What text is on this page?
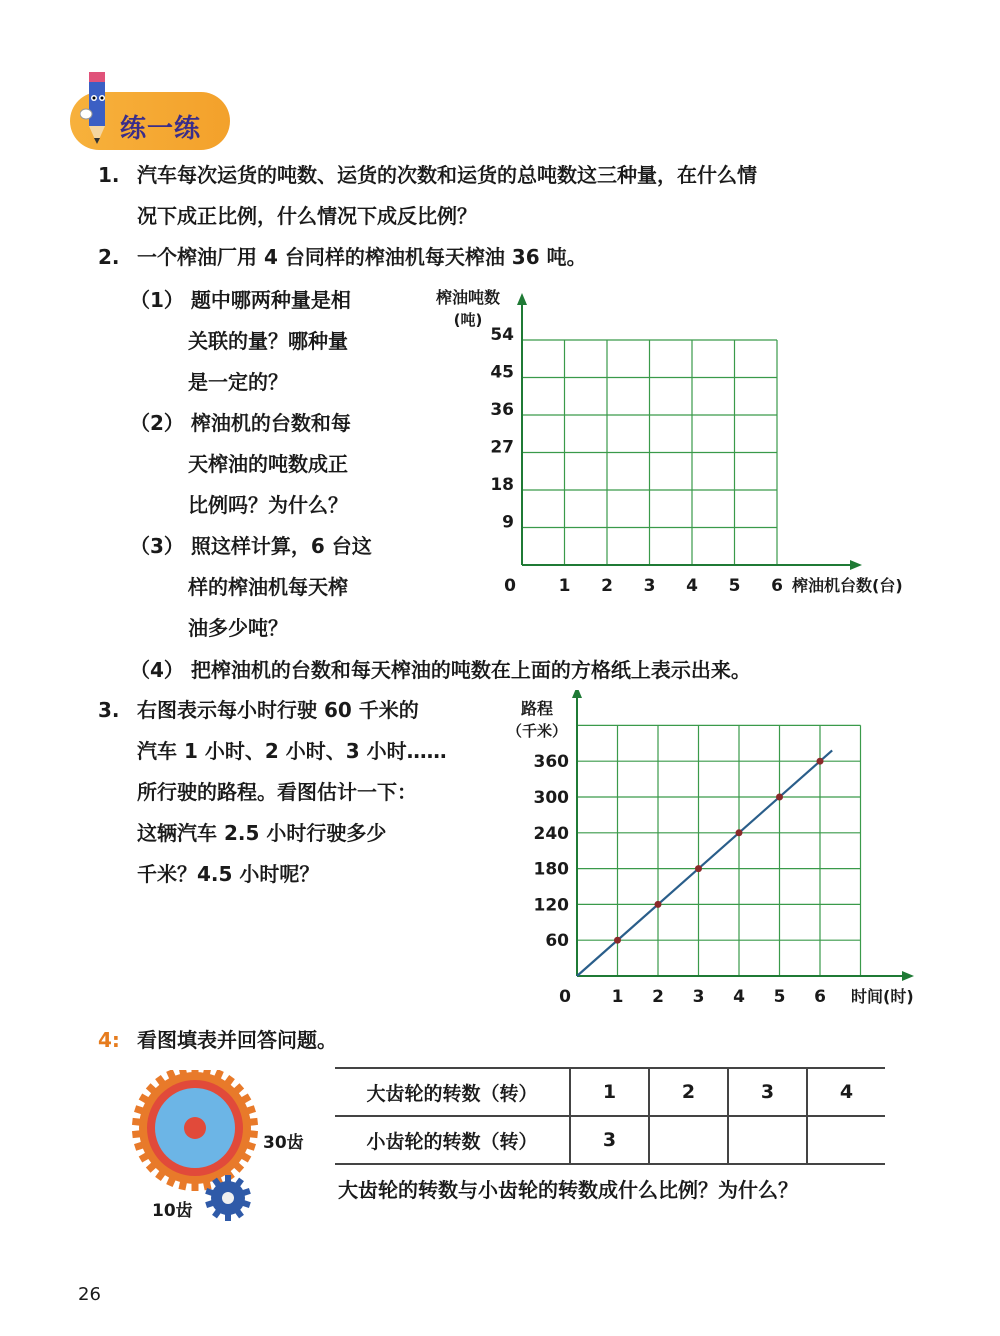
练一练
1. 汽车每次运货的吨数、运货的次数和运货的总吨数这三种量，在什么情
况下成正比例，什么情况下成反比例？
2. 一个榨油厂用 4 台同样的榨油机每天榨油 36 吨。
（1） 题中哪两种量是相
关联的量？哪种量
是一定的？
（2） 榨油机的台数和每
天榨油的吨数成正
比例吗？为什么？
（3） 照这样计算，6 台这
样的榨油机每天榨
油多少吨？
（4） 把榨油机的台数和每天榨油的吨数在上面的方格纸上表示出来。
0	1 2 3 4 5 6
9
18
27
36
45
54
榨油吨数
(吨)
榨油机台数(台)
3. 右图表示每小时行驶 60 千米的
汽车 1 小时、2 小时、3 小时……
所行驶的路程。看图估计一下：
这辆汽车 2.5 小时行驶多少
千米？4.5 小时呢？
0 1 2 3 4 5 6
60
120
180
240
300
360
路程
（千米）
时间(时)
4: 看图填表并回答问题。
30齿
10齿
大齿轮的转数（转）	1	2	3	4
小齿轮的转数（转）	3			
大齿轮的转数与小齿轮的转数成什么比例？为什么？
26
